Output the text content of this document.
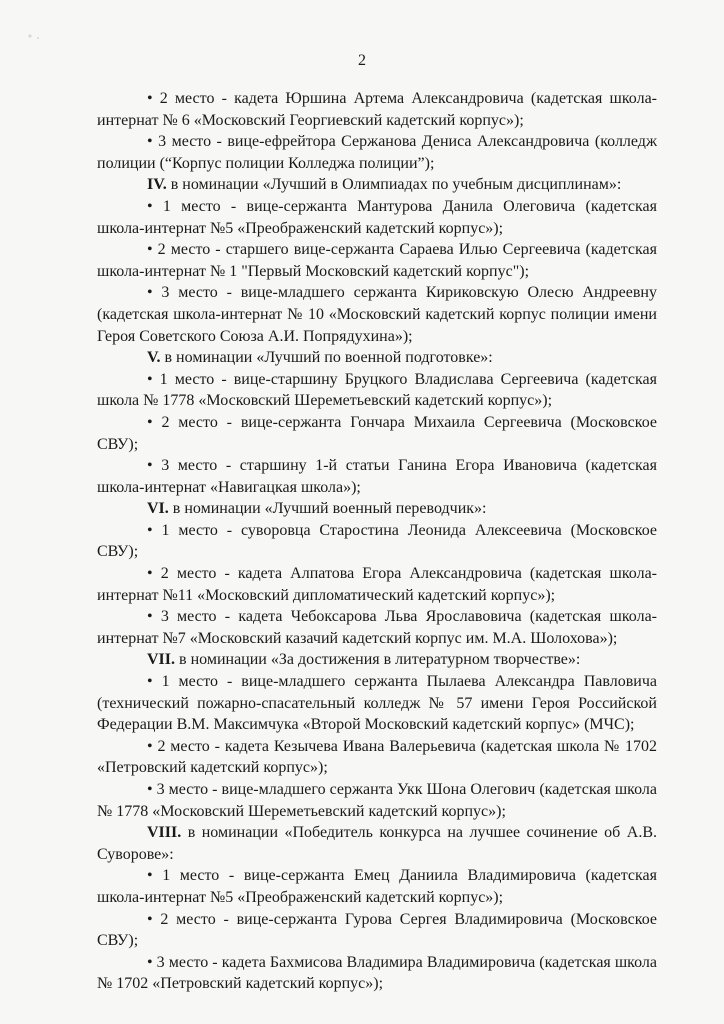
2

• 2 место - кадета Юршина Артема Александровича (кадетская школа-интернат № 6 «Московский Георгиевский кадетский корпус»);

• 3 место - вице-ефрейтора Сержанова Дениса Александровича (колледж полиции (“Корпус полиции Колледжа полиции”);

IV. в номинации «Лучший в Олимпиадах по учебным дисциплинам»:

• 1 место - вице-сержанта Мантурова Данила Олеговича (кадетская школа-интернат №5 «Преображенский кадетский корпус»);

• 2 место - старшего вице-сержанта Сараева Илью Сергеевича (кадетская школа-интернат № 1 "Первый Московский кадетский корпус");

• 3 место - вице-младшего сержанта Кириковскую Олесю Андреевну (кадетская школа-интернат № 10 «Московский кадетский корпус полиции имени Героя Советского Союза А.И. Попрядухина»);

V. в номинации «Лучший по военной подготовке»:

• 1 место - вице-старшину Бруцкого Владислава Сергеевича (кадетская школа № 1778 «Московский Шереметьевский кадетский корпус»);

• 2 место - вице-сержанта Гончара Михаила Сергеевича (Московское СВУ);

• 3 место - старшину 1-й статьи Ганина Егора Ивановича (кадетская школа-интернат «Навигацкая школа»);

VI. в номинации «Лучший военный переводчик»:

• 1 место - суворовца Старостина Леонида Алексеевича (Московское СВУ);

• 2 место - кадета Алпатова Егора Александровича (кадетская школа-интернат №11 «Московский дипломатический кадетский корпус»);

• 3 место - кадета Чебоксарова Льва Ярославовича (кадетская школа-интернат №7 «Московский казачий кадетский корпус им. М.А. Шолохова»);

VII. в номинации «За достижения в литературном творчестве»:

• 1 место - вице-младшего сержанта Пылаева Александра Павловича (технический пожарно-спасательный колледж № 57 имени Героя Российской Федерации В.М. Максимчука «Второй Московский кадетский корпус» (МЧС);

• 2 место - кадета Кезычева Ивана Валерьевича (кадетская школа № 1702 «Петровский кадетский корпус»);

• 3 место - вице-младшего сержанта Укк Шона Олегович (кадетская школа № 1778 «Московский Шереметьевский кадетский корпус»);

VIII. в номинации «Победитель конкурса на лучшее сочинение об А.В. Суворове»:

• 1 место - вице-сержанта Емец Даниила Владимировича (кадетская школа-интернат №5 «Преображенский кадетский корпус»);

• 2 место - вице-сержанта Гурова Сергея Владимировича (Московское СВУ);

• 3 место - кадета Бахмисова Владимира Владимировича (кадетская школа № 1702 «Петровский кадетский корпус»);
